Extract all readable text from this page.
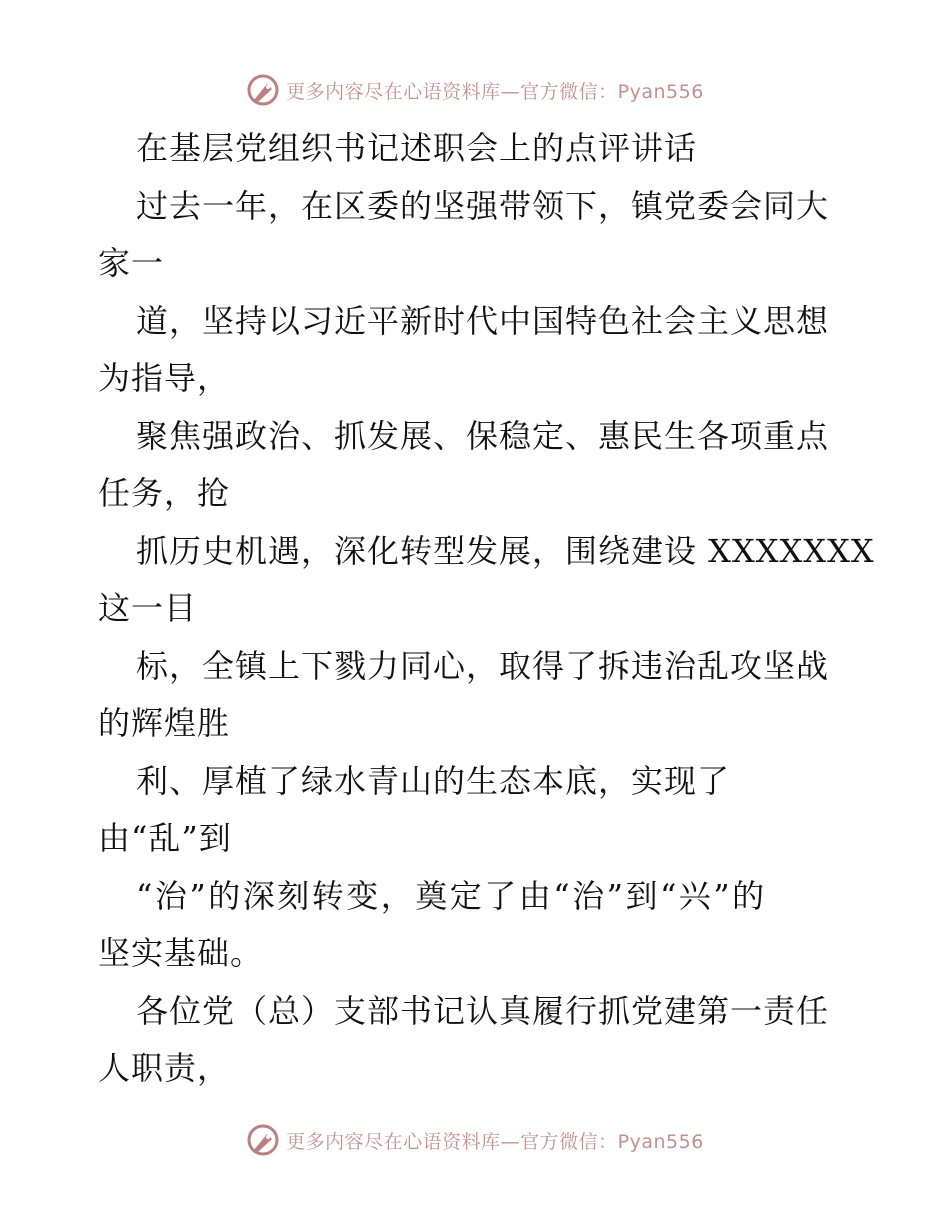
更多内容尽在心语资料库—官方微信：Pyan556
在基层党组织书记述职会上的点评讲话
过去一年，在区委的坚强带领下，镇党委会同大
家一
道，坚持以习近平新时代中国特色社会主义思想
为指导，
聚焦强政治、抓发展、保稳定、惠民生各项重点
任务，抢
抓历史机遇，深化转型发展，围绕建设 XXXXXXX
这一目
标，全镇上下戮力同心，取得了拆违治乱攻坚战
的辉煌胜
利、厚植了绿水青山的生态本底，实现了
由“乱”到
“治”的深刻转变，奠定了由“治”到“兴”的
坚实基础。
各位党（总）支部书记认真履行抓党建第一责任
人职责，
更多内容尽在心语资料库—官方微信：Pyan556
